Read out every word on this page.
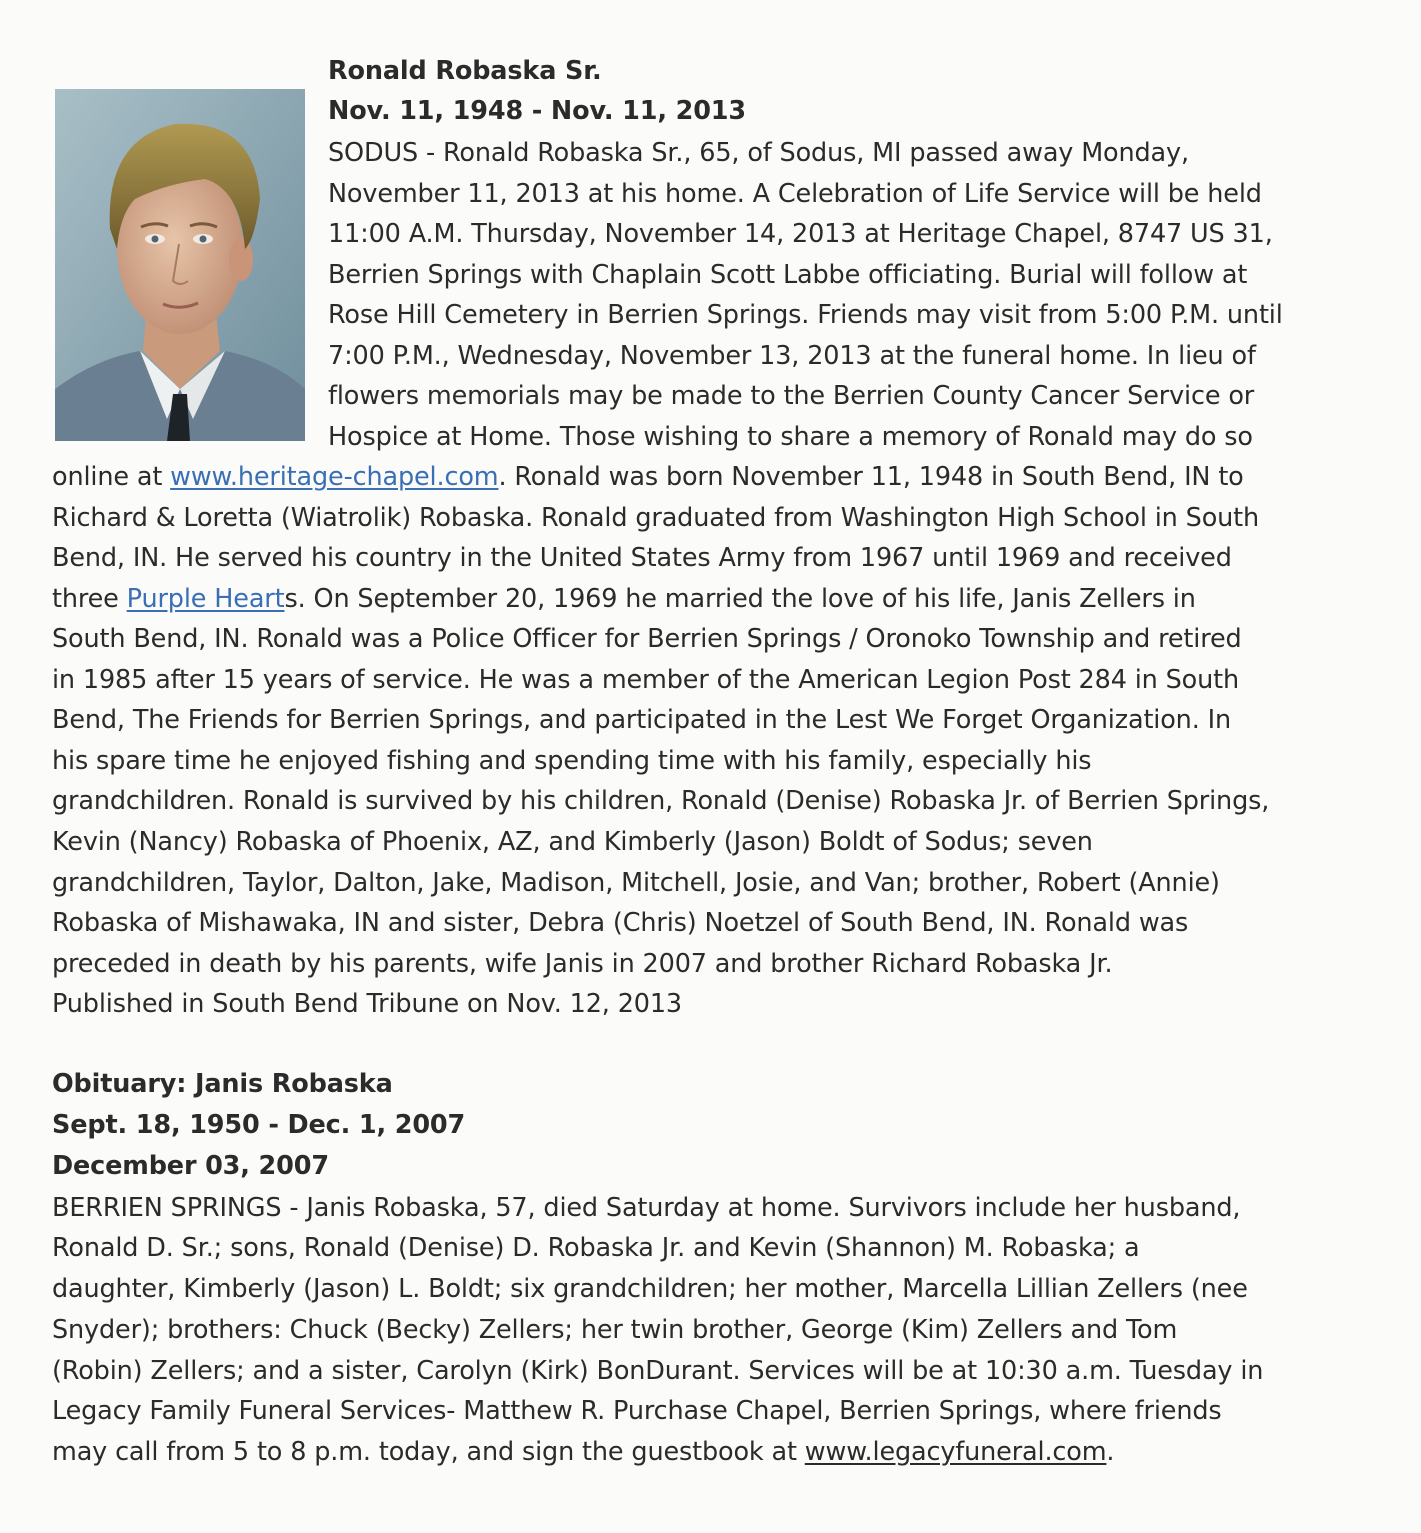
Ronald Robaska Sr.
Nov. 11, 1948 - Nov. 11, 2013
SODUS - Ronald Robaska Sr., 65, of Sodus, MI passed away Monday,
November 11, 2013 at his home. A Celebration of Life Service will be held
11:00 A.M. Thursday, November 14, 2013 at Heritage Chapel, 8747 US 31,
Berrien Springs with Chaplain Scott Labbe officiating. Burial will follow at
Rose Hill Cemetery in Berrien Springs. Friends may visit from 5:00 P.M. until
7:00 P.M., Wednesday, November 13, 2013 at the funeral home. In lieu of
flowers memorials may be made to the Berrien County Cancer Service or
Hospice at Home. Those wishing to share a memory of Ronald may do so
online at www.heritage-chapel.com. Ronald was born November 11, 1948 in South Bend, IN to
Richard & Loretta (Wiatrolik) Robaska. Ronald graduated from Washington High School in South
Bend, IN. He served his country in the United States Army from 1967 until 1969 and received
three Purple Hearts. On September 20, 1969 he married the love of his life, Janis Zellers in
South Bend, IN. Ronald was a Police Officer for Berrien Springs / Oronoko Township and retired
in 1985 after 15 years of service. He was a member of the American Legion Post 284 in South
Bend, The Friends for Berrien Springs, and participated in the Lest We Forget Organization. In
his spare time he enjoyed fishing and spending time with his family, especially his
grandchildren. Ronald is survived by his children, Ronald (Denise) Robaska Jr. of Berrien Springs,
Kevin (Nancy) Robaska of Phoenix, AZ, and Kimberly (Jason) Boldt of Sodus; seven
grandchildren, Taylor, Dalton, Jake, Madison, Mitchell, Josie, and Van; brother, Robert (Annie)
Robaska of Mishawaka, IN and sister, Debra (Chris) Noetzel of South Bend, IN. Ronald was
preceded in death by his parents, wife Janis in 2007 and brother Richard Robaska Jr.
Published in South Bend Tribune on Nov. 12, 2013
Obituary: Janis Robaska
Sept. 18, 1950 - Dec. 1, 2007
December 03, 2007
BERRIEN SPRINGS - Janis Robaska, 57, died Saturday at home. Survivors include her husband,
Ronald D. Sr.; sons, Ronald (Denise) D. Robaska Jr. and Kevin (Shannon) M. Robaska; a
daughter, Kimberly (Jason) L. Boldt; six grandchildren; her mother, Marcella Lillian Zellers (nee
Snyder); brothers: Chuck (Becky) Zellers; her twin brother, George (Kim) Zellers and Tom
(Robin) Zellers; and a sister, Carolyn (Kirk) BonDurant. Services will be at 10:30 a.m. Tuesday in
Legacy Family Funeral Services- Matthew R. Purchase Chapel, Berrien Springs, where friends
may call from 5 to 8 p.m. today, and sign the guestbook at www.legacyfuneral.com.
